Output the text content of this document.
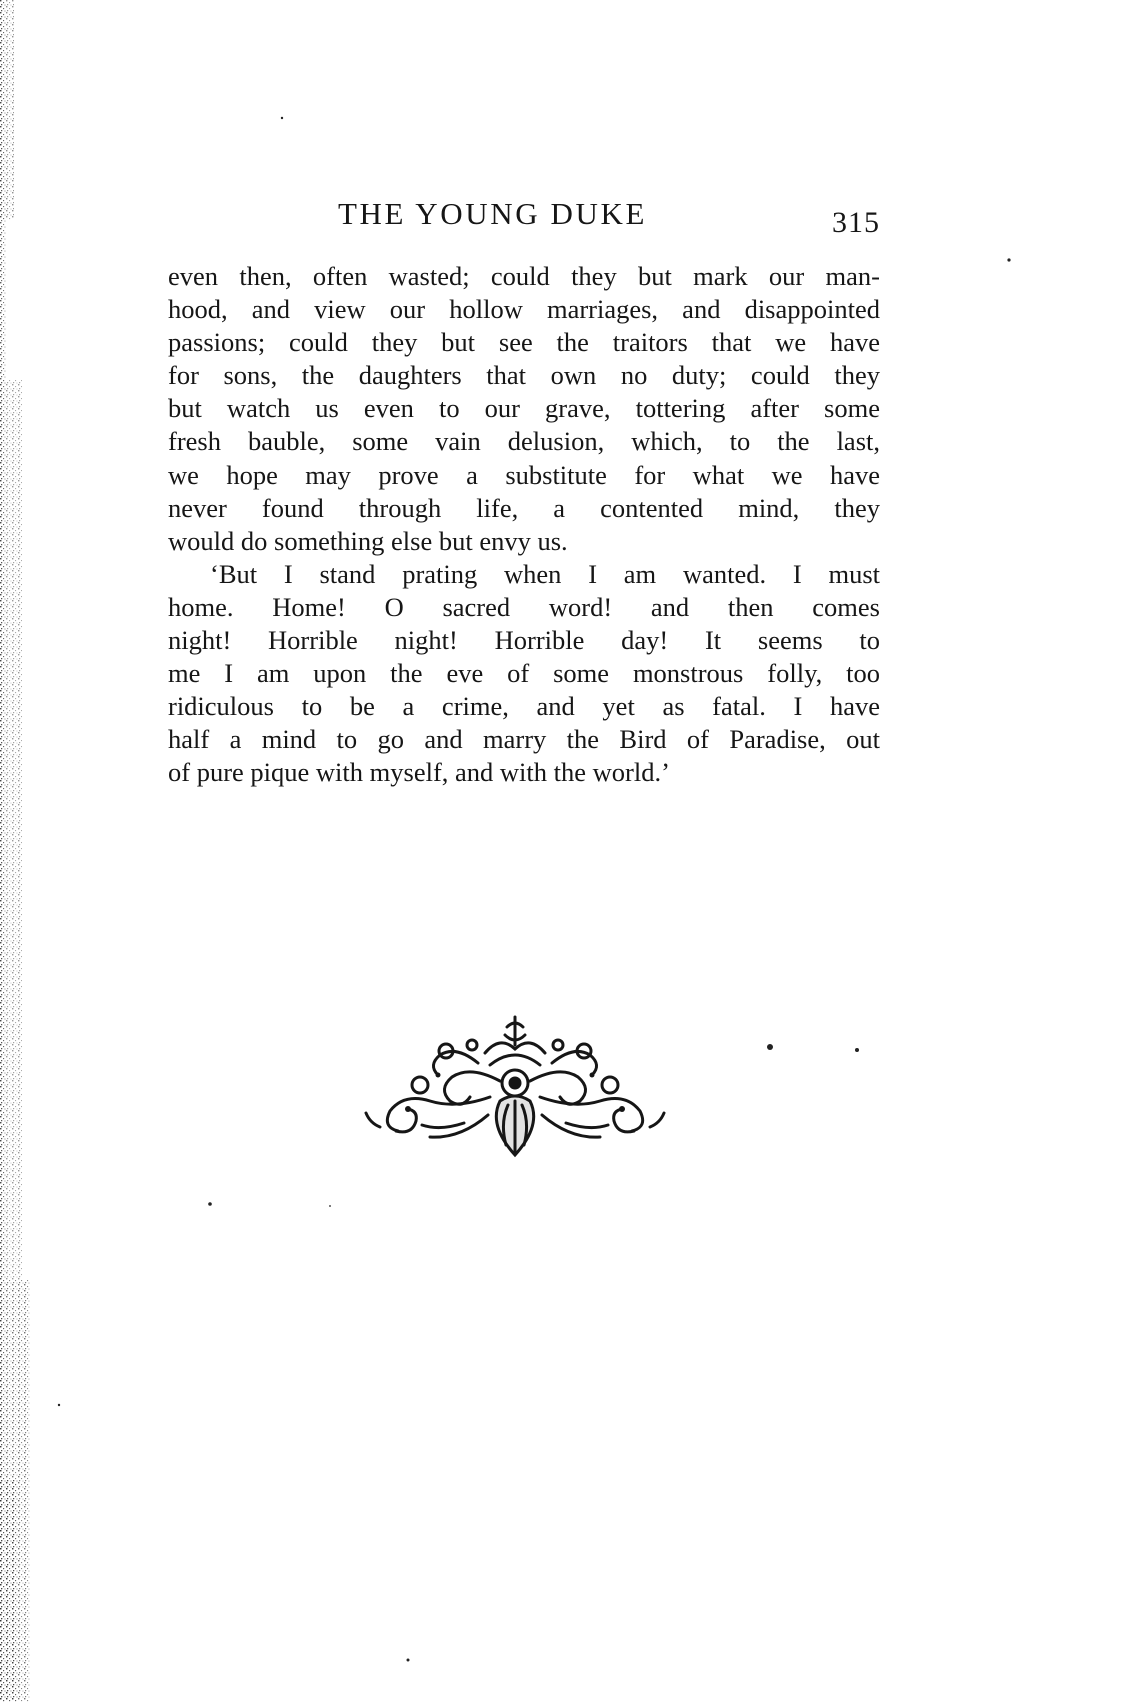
THE YOUNG DUKE	315
even then, often wasted; could they but mark our man-
hood, and view our hollow marriages, and disappointed
passions; could they but see the traitors that we have
for sons, the daughters that own no duty; could they
but watch us even to our grave, tottering after some
fresh bauble, some vain delusion, which, to the last,
we hope may prove a substitute for what we have
never found through life, a contented mind, they
would do something else but envy us.
‘But I stand prating when I am wanted. I must
home. Home! O sacred word! and then comes
night! Horrible night! Horrible day! It seems to
me I am upon the eve of some monstrous folly, too
ridiculous to be a crime, and yet as fatal. I have
half a mind to go and marry the Bird of Paradise, out
of pure pique with myself, and with the world.’
